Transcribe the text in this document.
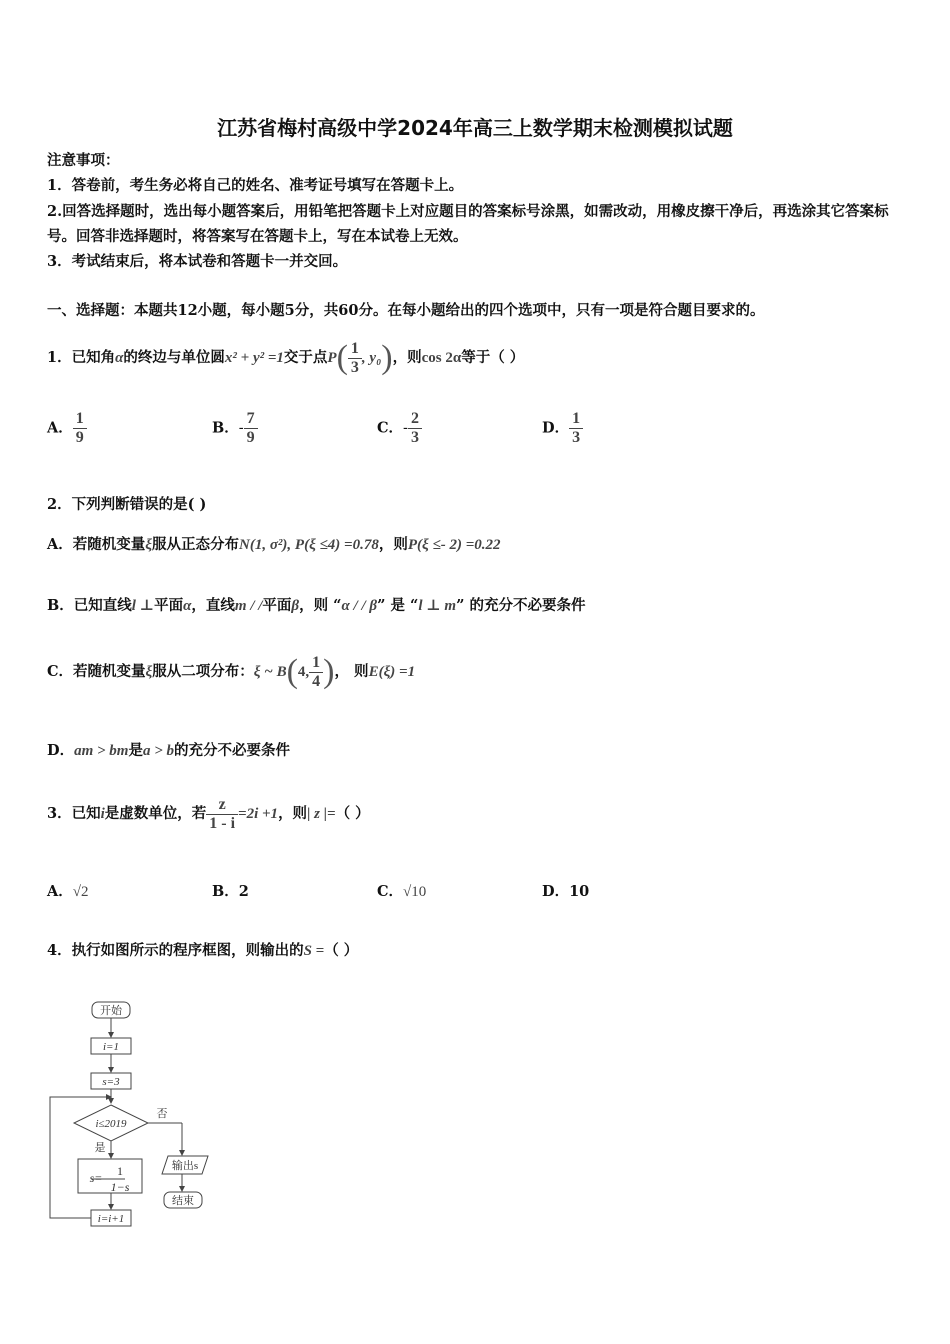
江苏省梅村高级中学2024年高三上数学期末检测模拟试题
注意事项：
1．答卷前，考生务必将自己的姓名、准考证号填写在答题卡上。
2.回答选择题时，选出每小题答案后，用铅笔把答题卡上对应题目的答案标号涂黑，如需改动，用橡皮擦干净后，再选涂其它答案标号。回答非选择题时，将答案写在答题卡上，写在本试卷上无效。
3．考试结束后，将本试卷和答题卡一并交回。
一、选择题：本题共12小题，每小题5分，共60分。在每小题给出的四个选项中，只有一项是符合题目要求的。
1．已知角α的终边与单位圆x² + y² =1交于点$P( \frac{1}{3}$ , y₀)，则cos 2α等于（ ）
A． $\frac{1}{9}$	B．- $\frac{7}{9}$	C．- $\frac{2}{3}$	D． $\frac{1}{3}$
2．下列判断错误的是( )
A．若随机变量ξ服从正态分布N(1, σ²), P(ξ ≤4) =0.78，则P(ξ ≤- 2) =0.22
B．已知直线l ⊥平面α，直线m / /平面β，则 “α / / β” 是 “l ⊥ m” 的充分不必要条件
C．若随机变量ξ服从二项分布：ξ ~ B(4, $\frac{1}{4}$ )， 则E(ξ) =1
D．am > bm是a > b的充分不必要条件
3．已知i是虚数单位，若 $\frac{z}{1 - i} =2i +1$，则| z |=（ ）
A．√2	B．2	C．√10	D．10
4．执行如图所示的程序框图，则输出的S =（ ）
开始
i=1
s=3
i≤2019
否
是
s= 1
1−s
输出s
结束
i=i+1
